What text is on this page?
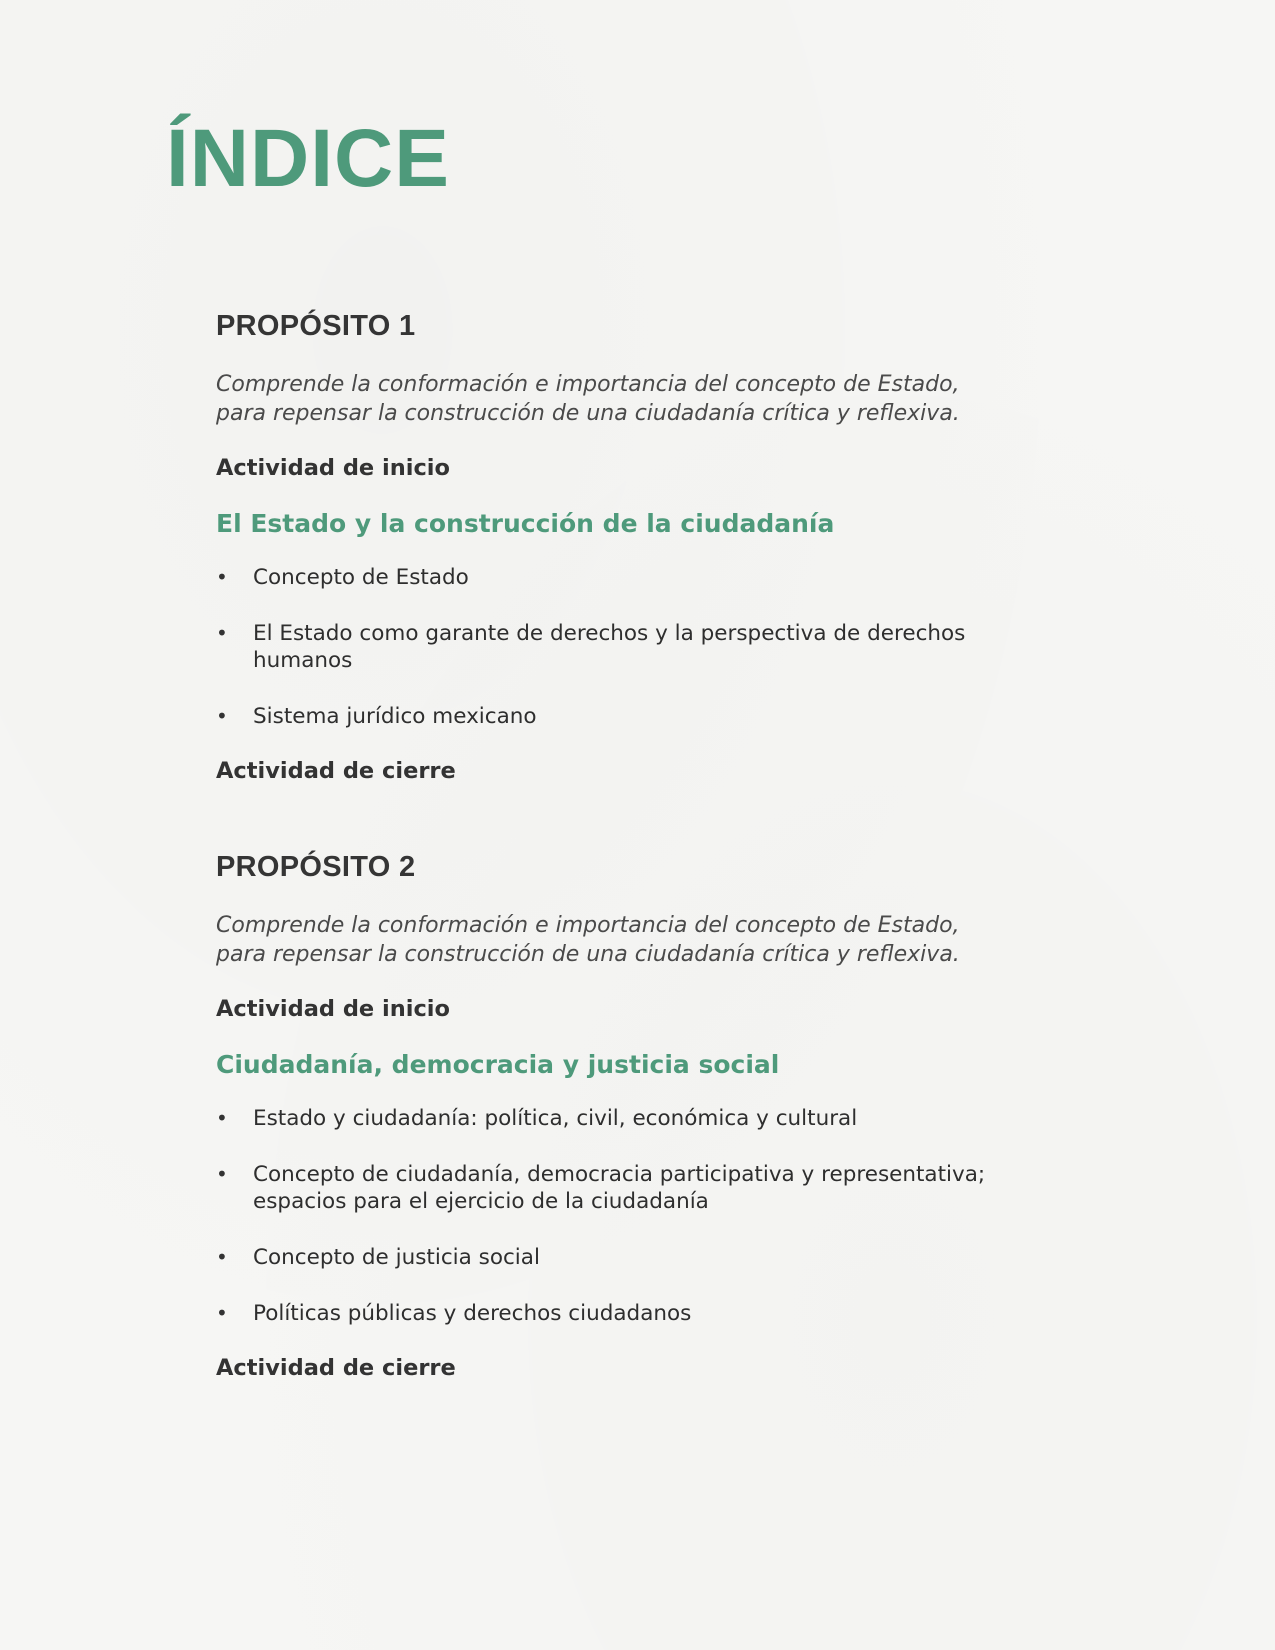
ÍNDICE
PROPÓSITO 1

Comprende la conformación e importancia del concepto de Estado, para repensar la construcción de una ciudadanía crítica y reflexiva.

Actividad de inicio
El Estado y la construcción de la ciudadanía
• Concepto de Estado
• El Estado como garante de derechos y la perspectiva de derechos humanos
• Sistema jurídico mexicano
Actividad de cierre
PROPÓSITO 2

Comprende la conformación e importancia del concepto de Estado, para repensar la construcción de una ciudadanía crítica y reflexiva.

Actividad de inicio
Ciudadanía, democracia y justicia social
• Estado y ciudadanía: política, civil, económica y cultural
• Concepto de ciudadanía, democracia participativa y representativa; espacios para el ejercicio de la ciudadanía
• Concepto de justicia social
• Políticas públicas y derechos ciudadanos
Actividad de cierre
